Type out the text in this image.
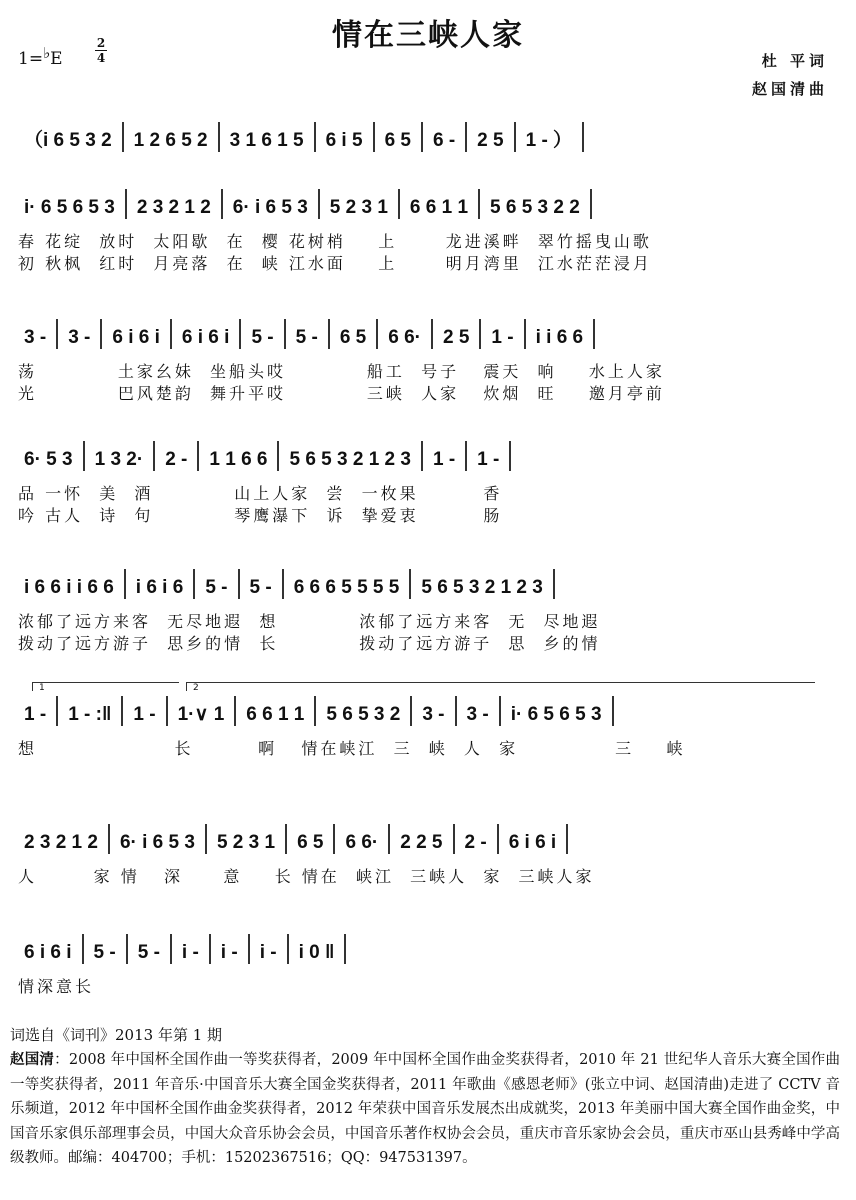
情在三峡人家
1=♭E
2
4	杜 平词
赵国清曲
（i 6 5 3 2	1 2 6 5 2	3 1 6 1 5	6 i 5	6 5	6 -	2 5	1 - ）
i· 6 5 6 5 3	2 3 2 1 2	6· i 6 5 3	5 2 3 1	6 6 1 1	5 6 5 3 2 2
春 花绽  放时  太阳歇  在  樱 花树梢    上      龙进溪畔  翠竹摇曳山歌
初 秋枫  红时  月亮落  在  峡 江水面    上      明月湾里  江水茫茫浸月
3 -	3 -	6 i 6 i	6 i 6 i	5 -	5 -	6 5	6 6·	2 5	1 -	i i 6 6
荡          土家幺妹  坐船头哎          船工  号子   震天  响    水上人家
光          巴风楚韵  舞升平哎          三峡  人家   炊烟  旺    邀月亭前
6· 5 3	1 3 2·	2 -	1 1 6 6	5 6 5 3 2 1 2 3	1 -	1 -
品 一怀  美  酒          山上人家  尝  一枚果        香
吟 古人  诗  句          琴鹰瀑下  诉  挚爱衷        肠
i 6 6 i i 6 6	i 6 i 6	5 -	5 -	6 6 6 5 5 5 5	5 6 5 3 2 1 2 3
浓郁了远方来客  无尽地遐  想          浓郁了远方来客  无  尽地遐
拨动了远方游子  思乡的情  长          拨动了远方游子  思  乡的情
1 -	1 - :‖	1 -	1·∨ 1	6 6 1 1	5 6 5 3 2	3 -	3 -	i· 6 5 6 5 3
想                 长        啊   情在峡江  三  峡  人  家            三    峡
1	2
2 3 2 1 2	6· i 6 5 3	5 2 3 1	6 5	6 6·	2 2 5	2 -	6 i 6 i
人       家 情   深     意    长 情在  峡江  三峡人  家  三峡人家
6 i 6 i	5 -	5 -	i -	i -	i -	i 0 ‖
情深意长
词选自《词刊》2013 年第 1 期
赵国清：2008 年中国杯全国作曲一等奖获得者，2009 年中国杯全国作曲金奖获得者，2010 年 21 世纪华人音乐大赛全国作曲一等奖获得者，2011 年音乐·中国音乐大赛全国金奖获得者，2011 年歌曲《感恩老师》(张立中词、赵国清曲)走进了 CCTV 音乐频道，2012 年中国杯全国作曲金奖获得者，2012 年荣获中国音乐发展杰出成就奖，2013 年美丽中国大赛全国作曲金奖，中国音乐家俱乐部理事会员，中国大众音乐协会会员，中国音乐著作权协会会员，重庆市音乐家协会会员，重庆市巫山县秀峰中学高级教师。邮编：404700；手机：15202367516；QQ：947531397。
